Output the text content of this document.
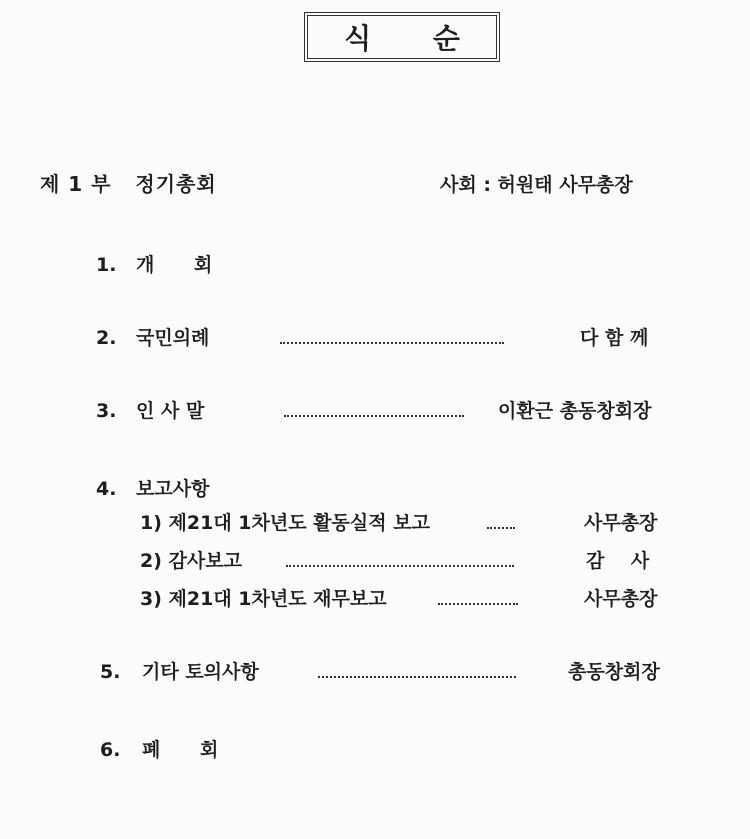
식 순
제 1 부   정기총회	사회 : 허원태 사무총장
1. 개      회
2. 국민의례	다 함 께
3. 인 사 말	이환근 총동창회장
4. 보고사항
1) 제21대 1차년도 활동실적 보고	사무총장
2) 감사보고	감    사
3) 제21대 1차년도 재무보고	사무총장
5. 기타 토의사항	총동창회장
6. 폐      회
